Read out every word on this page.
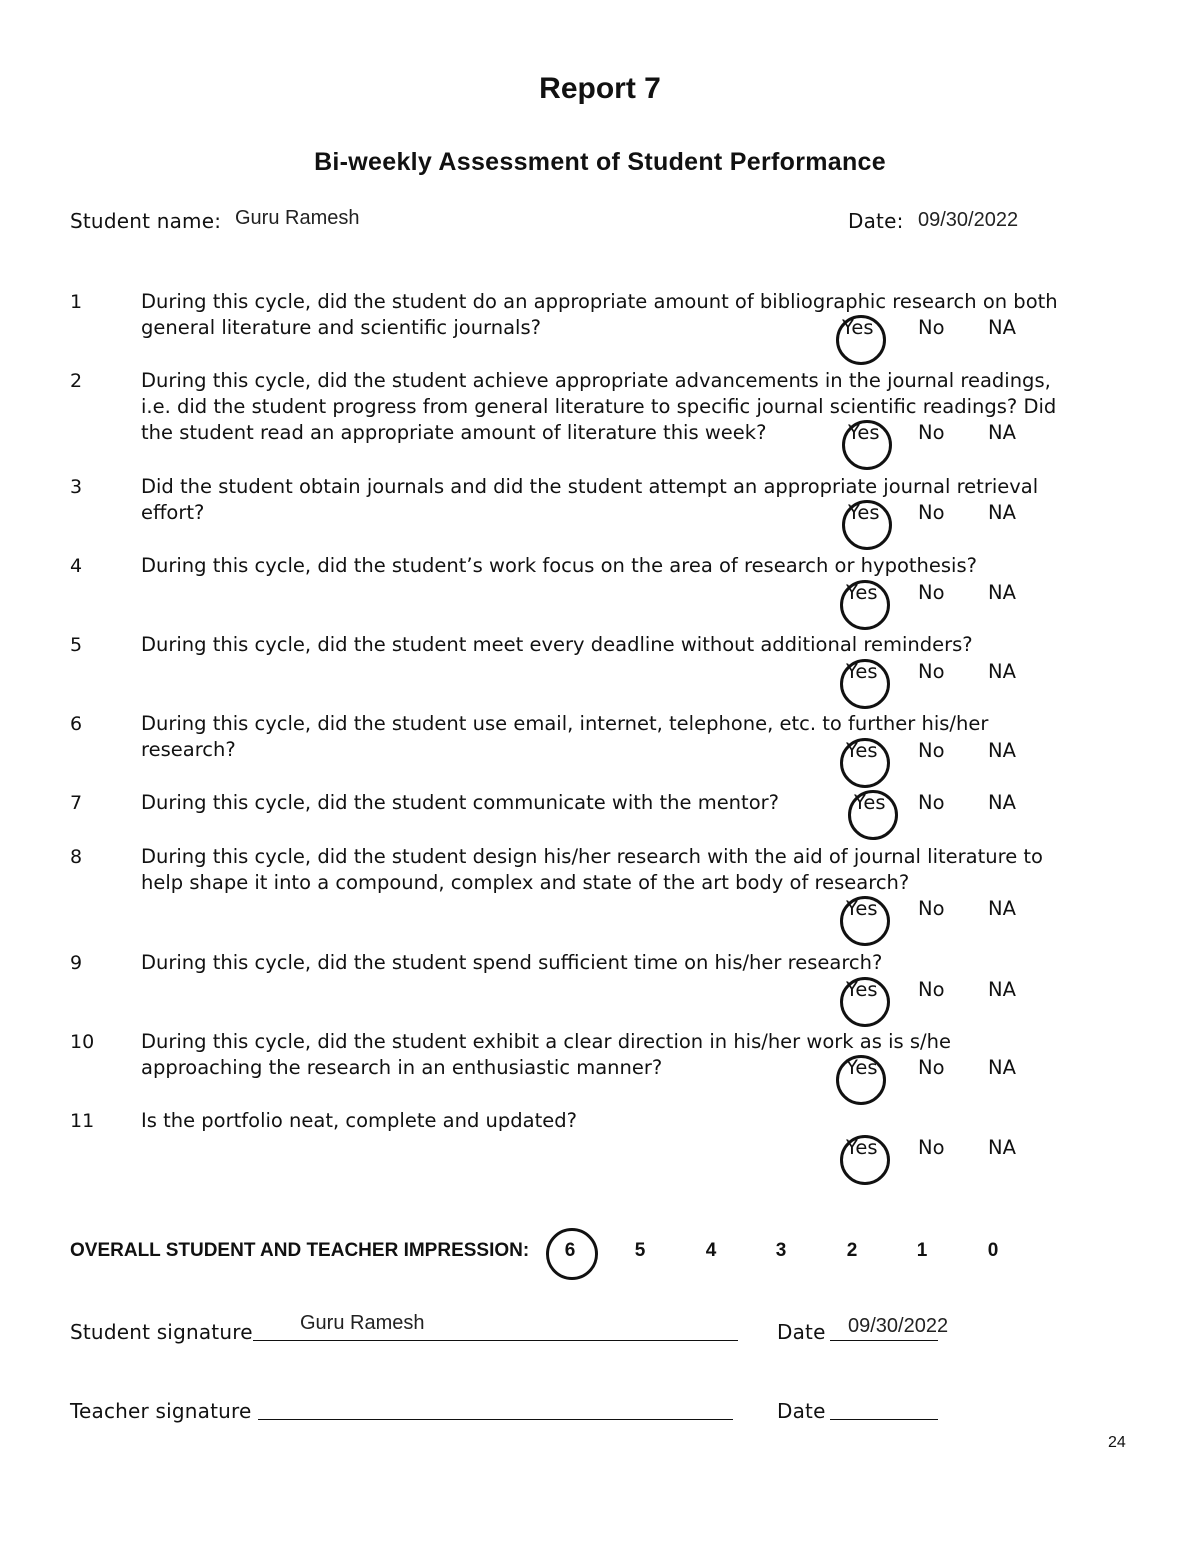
Report 7
Bi-weekly Assessment of Student Performance
Student name: Guru Ramesh	Date: 09/30/2022
1	During this cycle, did the student do an appropriate amount of bibliographic research on both
general literature and scientific journals?	Yes No NA
2	During this cycle, did the student achieve appropriate advancements in the journal readings,
i.e. did the student progress from general literature to specific journal scientific readings? Did
the student read an appropriate amount of literature this week?	Yes No NA
3	Did the student obtain journals and did the student attempt an appropriate journal retrieval
effort?	Yes No NA
4	During this cycle, did the student’s work focus on the area of research or hypothesis?
Yes No NA
5	During this cycle, did the student meet every deadline without additional reminders?
Yes No NA
6	During this cycle, did the student use email, internet, telephone, etc. to further his/her
research?	Yes No NA
7	During this cycle, did the student communicate with the mentor?	Yes No NA
8	During this cycle, did the student design his/her research with the aid of journal literature to
help shape it into a compound, complex and state of the art body of research?
Yes No NA
9	During this cycle, did the student spend sufficient time on his/her research?
Yes No NA
10 During this cycle, did the student exhibit a clear direction in his/her work as is s/he
approaching the research in an enthusiastic manner?	Yes No NA
11 Is the portfolio neat, complete and updated?
Yes No NA
OVERALL STUDENT AND TEACHER IMPRESSION: 6	5	4	3	2	1	0
Student signature Guru Ramesh	Date 09/30/2022
Teacher signature	Date
24
